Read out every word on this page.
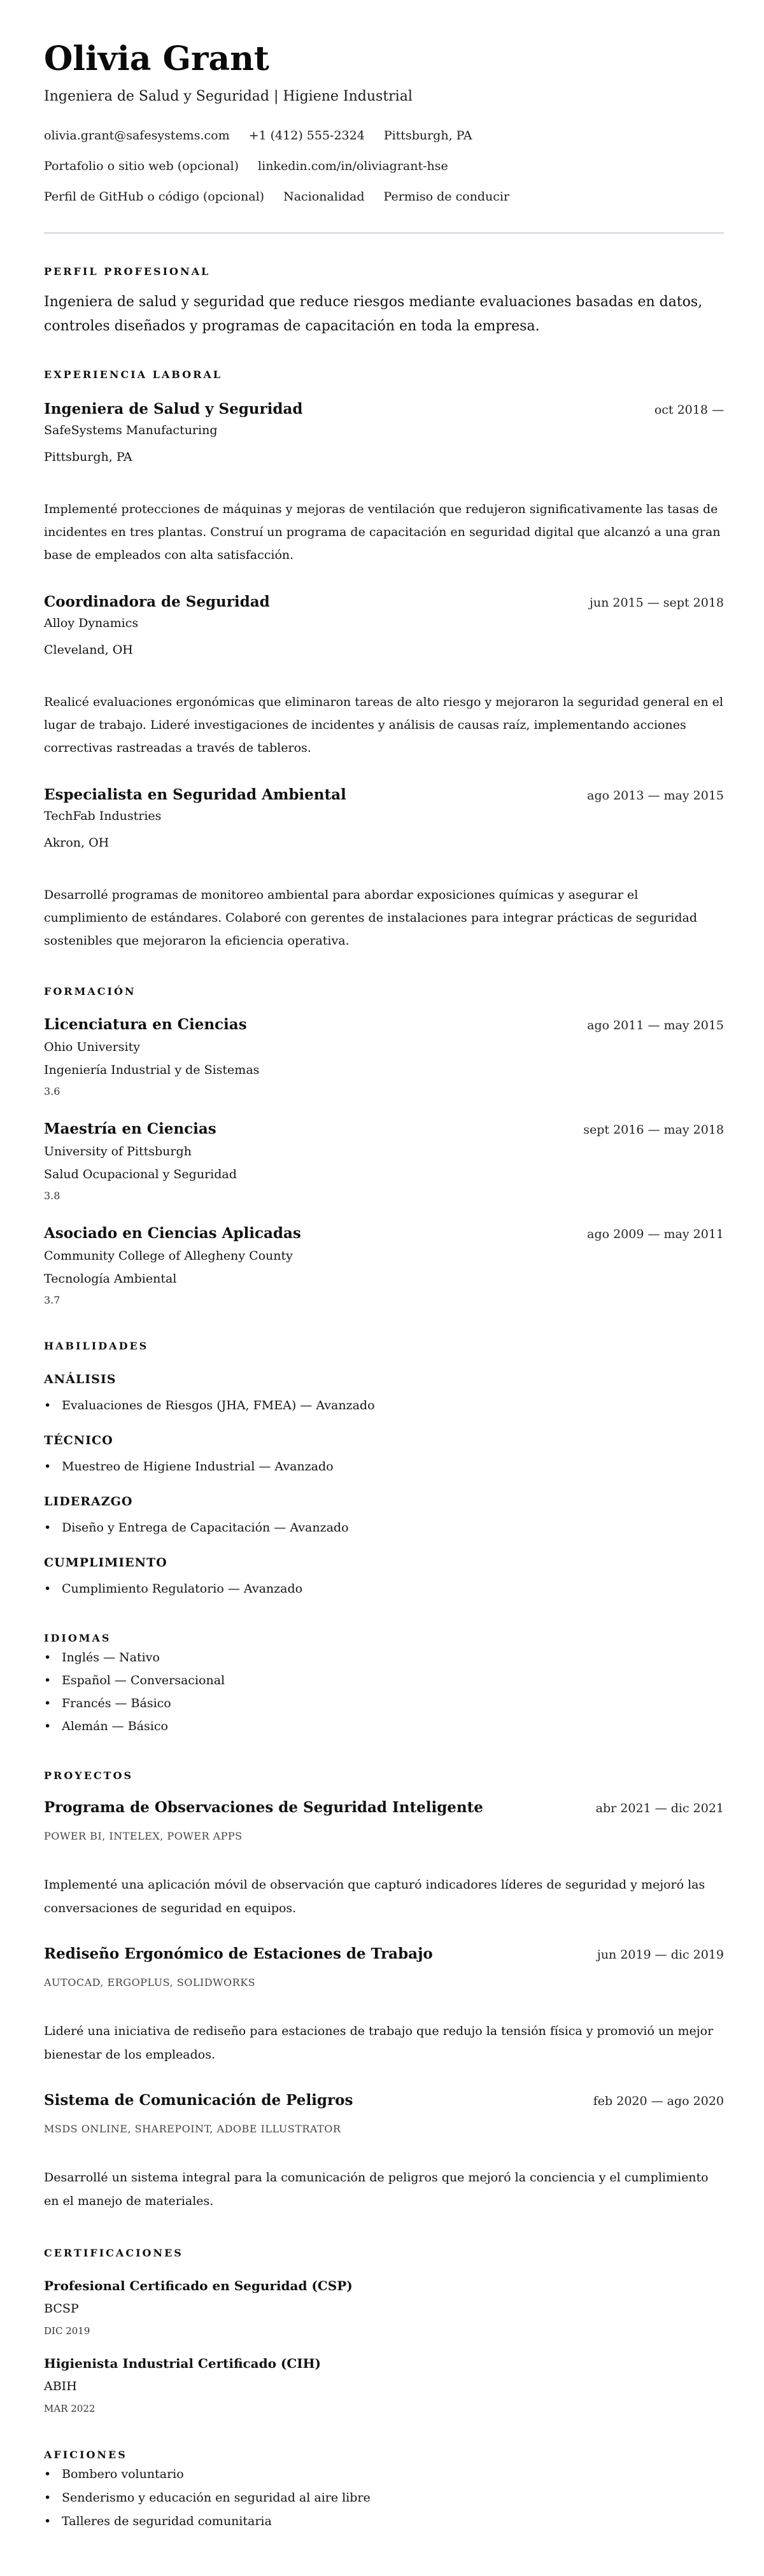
Olivia Grant
Ingeniera de Salud y Seguridad | Higiene Industrial
olivia.grant@safesystems.com +1 (412) 555-2324 Pittsburgh, PA
Portafolio o sitio web (opcional) linkedin.com/in/oliviagrant-hse
Perfil de GitHub o código (opcional) Nacionalidad Permiso de conducir
PERFIL PROFESIONAL
Ingeniera de salud y seguridad que reduce riesgos mediante evaluaciones basadas en datos, controles diseñados y programas de capacitación en toda la empresa.
EXPERIENCIA LABORAL
Ingeniera de Salud y Seguridad	oct 2018 —
SafeSystems Manufacturing
Pittsburgh, PA
Implementé protecciones de máquinas y mejoras de ventilación que redujeron significativamente las tasas de incidentes en tres plantas. Construí un programa de capacitación en seguridad digital que alcanzó a una gran base de empleados con alta satisfacción.
Coordinadora de Seguridad	jun 2015 — sept 2018
Alloy Dynamics
Cleveland, OH
Realicé evaluaciones ergonómicas que eliminaron tareas de alto riesgo y mejoraron la seguridad general en el lugar de trabajo. Lideré investigaciones de incidentes y análisis de causas raíz, implementando acciones correctivas rastreadas a través de tableros.
Especialista en Seguridad Ambiental	ago 2013 — may 2015
TechFab Industries
Akron, OH
Desarrollé programas de monitoreo ambiental para abordar exposiciones químicas y asegurar el cumplimiento de estándares. Colaboré con gerentes de instalaciones para integrar prácticas de seguridad sostenibles que mejoraron la eficiencia operativa.
FORMACIÓN
Licenciatura en Ciencias	ago 2011 — may 2015
Ohio University
Ingeniería Industrial y de Sistemas
3.6
Maestría en Ciencias	sept 2016 — may 2018
University of Pittsburgh
Salud Ocupacional y Seguridad
3.8
Asociado en Ciencias Aplicadas	ago 2009 — may 2011
Community College of Allegheny County
Tecnología Ambiental
3.7
HABILIDADES
ANÁLISIS
• Evaluaciones de Riesgos (JHA, FMEA) — Avanzado
TÉCNICO
• Muestreo de Higiene Industrial — Avanzado
LIDERAZGO
• Diseño y Entrega de Capacitación — Avanzado
CUMPLIMIENTO
• Cumplimiento Regulatorio — Avanzado
IDIOMAS
• Inglés — Nativo
• Español — Conversacional
• Francés — Básico
• Alemán — Básico
PROYECTOS
Programa de Observaciones de Seguridad Inteligente	abr 2021 — dic 2021
POWER BI, INTELEX, POWER APPS
Implementé una aplicación móvil de observación que capturó indicadores líderes de seguridad y mejoró las conversaciones de seguridad en equipos.
Rediseño Ergonómico de Estaciones de Trabajo	jun 2019 — dic 2019
AUTOCAD, ERGOPLUS, SOLIDWORKS
Lideré una iniciativa de rediseño para estaciones de trabajo que redujo la tensión física y promovió un mejor bienestar de los empleados.
Sistema de Comunicación de Peligros	feb 2020 — ago 2020
MSDS ONLINE, SHAREPOINT, ADOBE ILLUSTRATOR
Desarrollé un sistema integral para la comunicación de peligros que mejoró la conciencia y el cumplimiento en el manejo de materiales.
CERTIFICACIONES
Profesional Certificado en Seguridad (CSP)
BCSP
DIC 2019
Higienista Industrial Certificado (CIH)
ABIH
MAR 2022
AFICIONES
• Bombero voluntario
• Senderismo y educación en seguridad al aire libre
• Talleres de seguridad comunitaria
